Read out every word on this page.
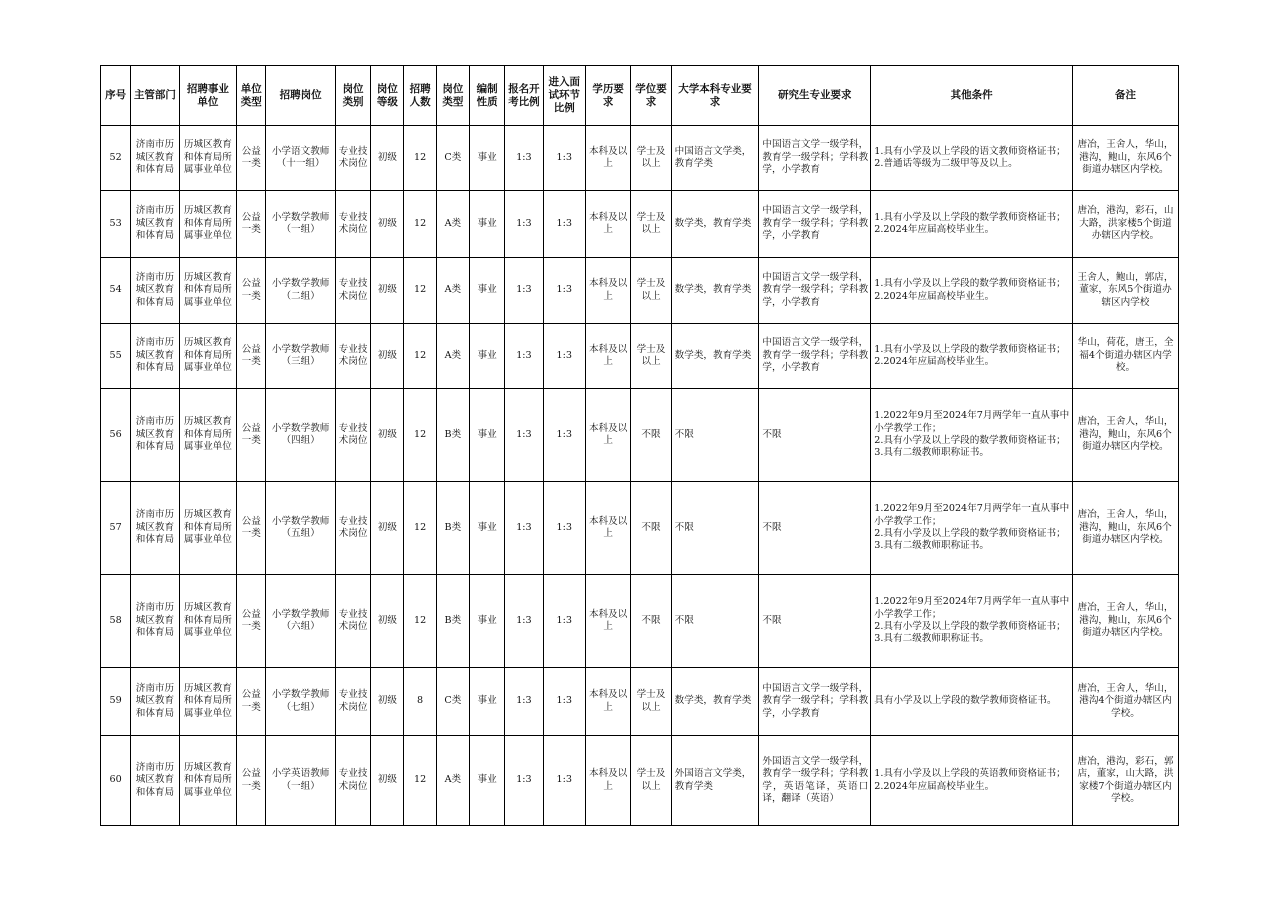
序号	主管部门	招聘事业单位	单位类型	招聘岗位	岗位类别	岗位等级	招聘人数	岗位类型	编制性质	报名开考比例	进入面试环节比例	学历要求	学位要求	大学本科专业要求	研究生专业要求	其他条件	备注
52	济南市历城区教育和体育局	历城区教育和体育局所属事业单位	公益一类	小学语文教师（十一组）	专业技术岗位	初级	12	C类	事业	1:3	1:3	本科及以上	学士及以上	中国语言文学类，教育学类	中国语言文学一级学科，教育学一级学科；学科教学，小学教育	1.具有小学及以上学段的语文教师资格证书；
2.普通话等级为二级甲等及以上。	唐冶，王舍人，华山，港沟，鲍山，东风6个街道办辖区内学校。
53	济南市历城区教育和体育局	历城区教育和体育局所属事业单位	公益一类	小学数学教师（一组）	专业技术岗位	初级	12	A类	事业	1:3	1:3	本科及以上	学士及以上	数学类，教育学类	中国语言文学一级学科，教育学一级学科；学科教学，小学教育	1.具有小学及以上学段的数学教师资格证书；
2.2024年应届高校毕业生。	唐冶，港沟，彩石，山大路，洪家楼5个街道办辖区内学校。
54	济南市历城区教育和体育局	历城区教育和体育局所属事业单位	公益一类	小学数学教师（二组）	专业技术岗位	初级	12	A类	事业	1:3	1:3	本科及以上	学士及以上	数学类，教育学类	中国语言文学一级学科，教育学一级学科；学科教学，小学教育	1.具有小学及以上学段的数学教师资格证书；
2.2024年应届高校毕业生。	王舍人，鲍山，郭店，董家，东风5个街道办辖区内学校
55	济南市历城区教育和体育局	历城区教育和体育局所属事业单位	公益一类	小学数学教师（三组）	专业技术岗位	初级	12	A类	事业	1:3	1:3	本科及以上	学士及以上	数学类，教育学类	中国语言文学一级学科，教育学一级学科；学科教学，小学教育	1.具有小学及以上学段的数学教师资格证书；
2.2024年应届高校毕业生。	华山，荷花，唐王，全福4个街道办辖区内学校。
56	济南市历城区教育和体育局	历城区教育和体育局所属事业单位	公益一类	小学数学教师（四组）	专业技术岗位	初级	12	B类	事业	1:3	1:3	本科及以上	不限	不限	不限	1.2022年9月至2024年7月两学年一直从事中小学教学工作；
2.具有小学及以上学段的数学教师资格证书；
3.具有二级教师职称证书。	唐冶，王舍人，华山，港沟，鲍山，东风6个街道办辖区内学校。
57	济南市历城区教育和体育局	历城区教育和体育局所属事业单位	公益一类	小学数学教师（五组）	专业技术岗位	初级	12	B类	事业	1:3	1:3	本科及以上	不限	不限	不限	1.2022年9月至2024年7月两学年一直从事中小学教学工作；
2.具有小学及以上学段的数学教师资格证书；
3.具有二级教师职称证书。	唐冶，王舍人，华山，港沟，鲍山，东风6个街道办辖区内学校。
58	济南市历城区教育和体育局	历城区教育和体育局所属事业单位	公益一类	小学数学教师（六组）	专业技术岗位	初级	12	B类	事业	1:3	1:3	本科及以上	不限	不限	不限	1.2022年9月至2024年7月两学年一直从事中小学教学工作；
2.具有小学及以上学段的数学教师资格证书；
3.具有二级教师职称证书。	唐冶，王舍人，华山，港沟，鲍山，东风6个街道办辖区内学校。
59	济南市历城区教育和体育局	历城区教育和体育局所属事业单位	公益一类	小学数学教师（七组）	专业技术岗位	初级	8	C类	事业	1:3	1:3	本科及以上	学士及以上	数学类，教育学类	中国语言文学一级学科，教育学一级学科；学科教学，小学教育	具有小学及以上学段的数学教师资格证书。	唐冶，王舍人，华山，港沟4个街道办辖区内学校。
60	济南市历城区教育和体育局	历城区教育和体育局所属事业单位	公益一类	小学英语教师（一组）	专业技术岗位	初级	12	A类	事业	1:3	1:3	本科及以上	学士及以上	外国语言文学类，教育学类	外国语言文学一级学科，教育学一级学科；学科教学，英语笔译，英语口译，翻译（英语）	1.具有小学及以上学段的英语教师资格证书；
2.2024年应届高校毕业生。	唐冶，港沟，彩石，郭店，董家，山大路，洪家楼7个街道办辖区内学校。
